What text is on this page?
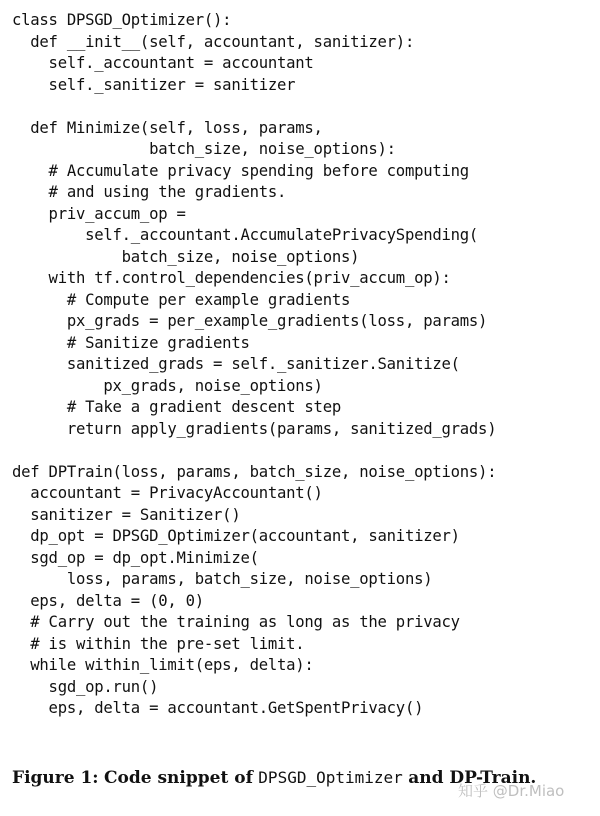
class DPSGD_Optimizer():
def __init__(self, accountant, sanitizer):
self._accountant = accountant
self._sanitizer = sanitizer
def Minimize(self, loss, params,
batch_size, noise_options):
# Accumulate privacy spending before computing
# and using the gradients.
priv_accum_op =
self._accountant.AccumulatePrivacySpending(
batch_size, noise_options)
with tf.control_dependencies(priv_accum_op):
# Compute per example gradients
px_grads = per_example_gradients(loss, params)
# Sanitize gradients
sanitized_grads = self._sanitizer.Sanitize(
px_grads, noise_options)
# Take a gradient descent step
return apply_gradients(params, sanitized_grads)
def DPTrain(loss, params, batch_size, noise_options):
accountant = PrivacyAccountant()
sanitizer = Sanitizer()
dp_opt = DPSGD_Optimizer(accountant, sanitizer)
sgd_op = dp_opt.Minimize(
loss, params, batch_size, noise_options)
eps, delta = (0, 0)
# Carry out the training as long as the privacy
# is within the pre-set limit.
while within_limit(eps, delta):
sgd_op.run()
eps, delta = accountant.GetSpentPrivacy()
Figure 1: Code snippet of DPSGD_Optimizer and DP-Train.
知乎 @Dr.Miao
